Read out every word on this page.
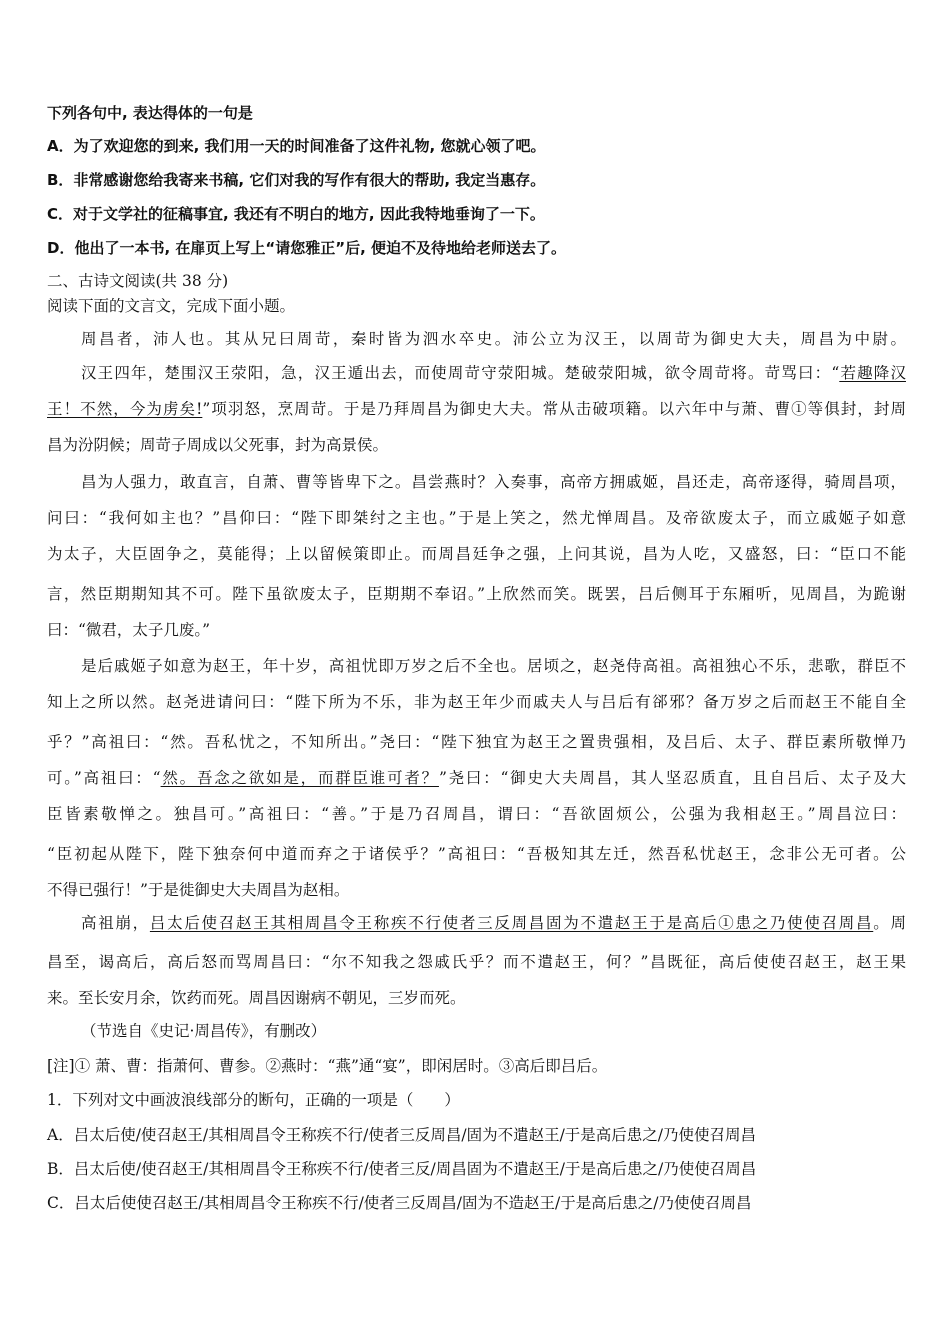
下列各句中, 表达得体的一句是
A．为了欢迎您的到来, 我们用一天的时间准备了这件礼物, 您就心领了吧。
B．非常感谢您给我寄来书稿, 它们对我的写作有很大的帮助, 我定当惠存。
C．对于文学社的征稿事宜, 我还有不明白的地方, 因此我特地垂询了一下。
D．他出了一本书, 在扉页上写上“请您雅正”后, 便迫不及待地给老师送去了。
二、古诗文阅读(共 38 分)
阅读下面的文言文，完成下面小题。
周昌者，沛人也。其从兄曰周苛，秦时皆为泗水卒史。沛公立为汉王，以周苛为御史大夫，周昌为中尉。
汉王四年，楚围汉王荥阳，急，汉王遁出去，而使周苛守荥阳城。楚破荥阳城，欲令周苛将。苛骂曰：“若趣降汉
王！不然，今为虏矣!”项羽怒，烹周苛。于是乃拜周昌为御史大夫。常从击破项籍。以六年中与萧、曹①等俱封，封周
昌为汾阴候；周苛子周成以父死事，封为高景侯。
昌为人强力，敢直言，自萧、曹等皆卑下之。昌尝燕时？入奏事，高帝方拥戚姬，昌还走，高帝逐得，骑周昌项，
问曰：“我何如主也？”昌仰曰：“陛下即桀纣之主也。”于是上笑之，然尤惮周昌。及帝欲废太子，而立戚姬子如意
为太子，大臣固争之，莫能得；上以留候策即止。而周昌廷争之强，上问其说，昌为人吃，又盛怒，曰：“臣口不能
言，然臣期期知其不可。陛下虽欲废太子，臣期期不奉诏。”上欣然而笑。既罢，吕后侧耳于东厢听，见周昌，为跪谢
曰：“微君，太子几废。”
是后戚姬子如意为赵王，年十岁，高祖忧即万岁之后不全也。居顷之，赵尧侍高祖。高祖独心不乐，悲歌，群臣不
知上之所以然。赵尧进请问曰：“陛下所为不乐，非为赵王年少而戚夫人与吕后有郤邪？备万岁之后而赵王不能自全
乎？”高祖曰：“然。吾私忧之，不知所出。”尧曰：“陛下独宜为赵王之置贵强相，及吕后、太子、群臣素所敬惮乃
可。”高祖曰：“然。吾念之欲如是，而群臣谁可者？”尧曰：“御史大夫周昌，其人坚忍质直，且自吕后、太子及大
臣皆素敬惮之。独昌可。”高祖曰：“善。”于是乃召周昌，谓曰：“吾欲固烦公，公强为我相赵王。”周昌泣曰：
“臣初起从陛下，陛下独奈何中道而弃之于诸侯乎？”高祖曰：“吾极知其左迁，然吾私忧赵王，念非公无可者。公
不得已强行！”于是徙御史大夫周昌为赵相。
高祖崩，吕太后使召赵王其相周昌令王称疾不行使者三反周昌固为不遣赵王于是高后①患之乃使使召周昌。周
昌至，谒高后，高后怒而骂周昌曰：“尔不知我之怨戚氏乎？而不遣赵王，何？”昌既征，高后使使召赵王，赵王果
来。至长安月余，饮药而死。周昌因谢病不朝见，三岁而死。
（节选自《史记·周昌传》，有删改）
[注]① 萧、曹：指萧何、曹参。②燕时：“燕”通“宴”，即闲居时。③高后即吕后。
1．下列对文中画波浪线部分的断句，正确的一项是（　　）
A．吕太后使/使召赵王/其相周昌令王称疾不行/使者三反周昌/固为不遣赵王/于是高后患之/乃使使召周昌
B．吕太后使/使召赵王/其相周昌令王称疾不行/使者三反/周昌固为不遣赵王/于是高后患之/乃使使召周昌
C．吕太后使使召赵王/其相周昌令王称疾不行/使者三反周昌/固为不造赵王/于是高后患之/乃使使召周昌
